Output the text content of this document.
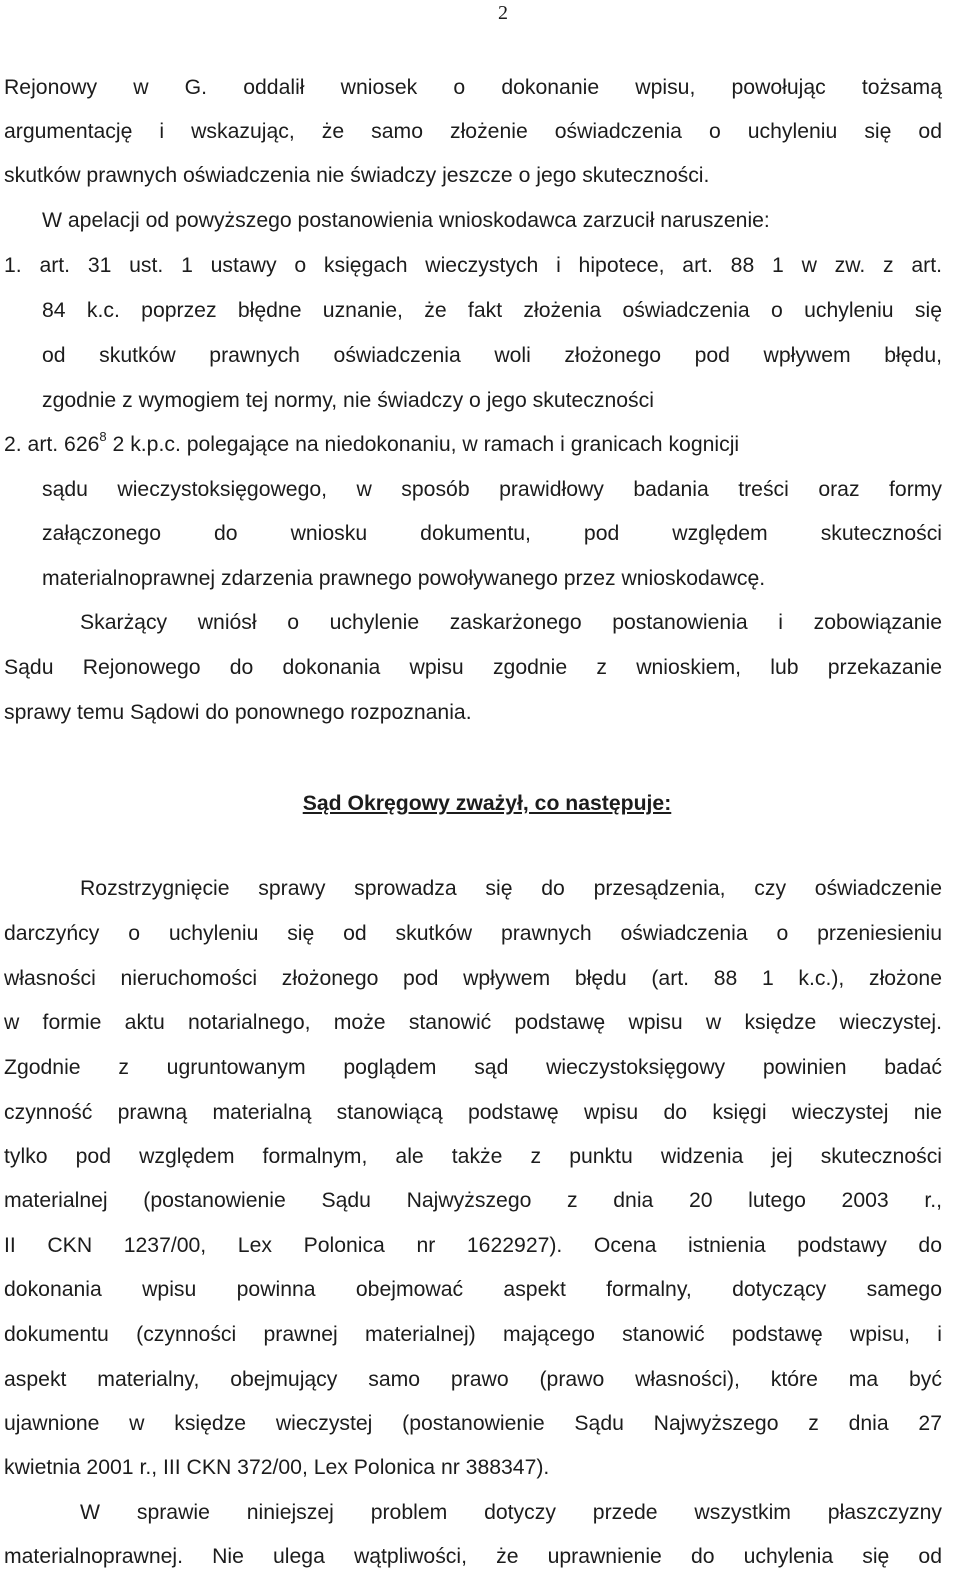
2
Rejonowy w G. oddalił wniosek o dokonanie wpisu, powołując tożsamą
argumentację i wskazując, że samo złożenie oświadczenia o uchyleniu się od
skutków prawnych oświadczenia nie świadczy jeszcze o jego skuteczności.
W apelacji od powyższego postanowienia wnioskodawca zarzucił naruszenie:
1. art. 31 ust. 1 ustawy o księgach wieczystych i hipotece, art. 88 1 w zw. z art.
84 k.c. poprzez błędne uznanie, że fakt złożenia oświadczenia o uchyleniu się
od skutków prawnych oświadczenia woli złożonego pod wpływem błędu,
zgodnie z wymogiem tej normy, nie świadczy o jego skuteczności
2. art. $626^8$ 2 k.p.c. polegające na niedokonaniu, w ramach i granicach kognicji
sądu wieczystoksięgowego, w sposób prawidłowy badania treści oraz formy
załączonego do wniosku dokumentu, pod względem skuteczności
materialnoprawnej zdarzenia prawnego powoływanego przez wnioskodawcę.
Skarżący wniósł o uchylenie zaskarżonego postanowienia i zobowiązanie
Sądu Rejonowego do dokonania wpisu zgodnie z wnioskiem, lub przekazanie
sprawy temu Sądowi do ponownego rozpoznania.
Sąd Okręgowy zważył, co następuje:
Rozstrzygnięcie sprawy sprowadza się do przesądzenia, czy oświadczenie
darczyńcy o uchyleniu się od skutków prawnych oświadczenia o przeniesieniu
własności nieruchomości złożonego pod wpływem błędu (art. 88 1 k.c.), złożone
w formie aktu notarialnego, może stanowić podstawę wpisu w księdze wieczystej.
Zgodnie z ugruntowanym poglądem sąd wieczystoksięgowy powinien badać
czynność prawną materialną stanowiącą podstawę wpisu do księgi wieczystej nie
tylko pod względem formalnym, ale także z punktu widzenia jej skuteczności
materialnej (postanowienie Sądu Najwyższego z dnia 20 lutego 2003 r.,
II CKN 1237/00, Lex Polonica nr 1622927). Ocena istnienia podstawy do
dokonania wpisu powinna obejmować aspekt formalny, dotyczący samego
dokumentu (czynności prawnej materialnej) mającego stanowić podstawę wpisu, i
aspekt materialny, obejmujący samo prawo (prawo własności), które ma być
ujawnione w księdze wieczystej (postanowienie Sądu Najwyższego z dnia 27
kwietnia 2001 r., III CKN 372/00, Lex Polonica nr 388347).
W sprawie niniejszej problem dotyczy przede wszystkim płaszczyzny
materialnoprawnej. Nie ulega wątpliwości, że uprawnienie do uchylenia się od
